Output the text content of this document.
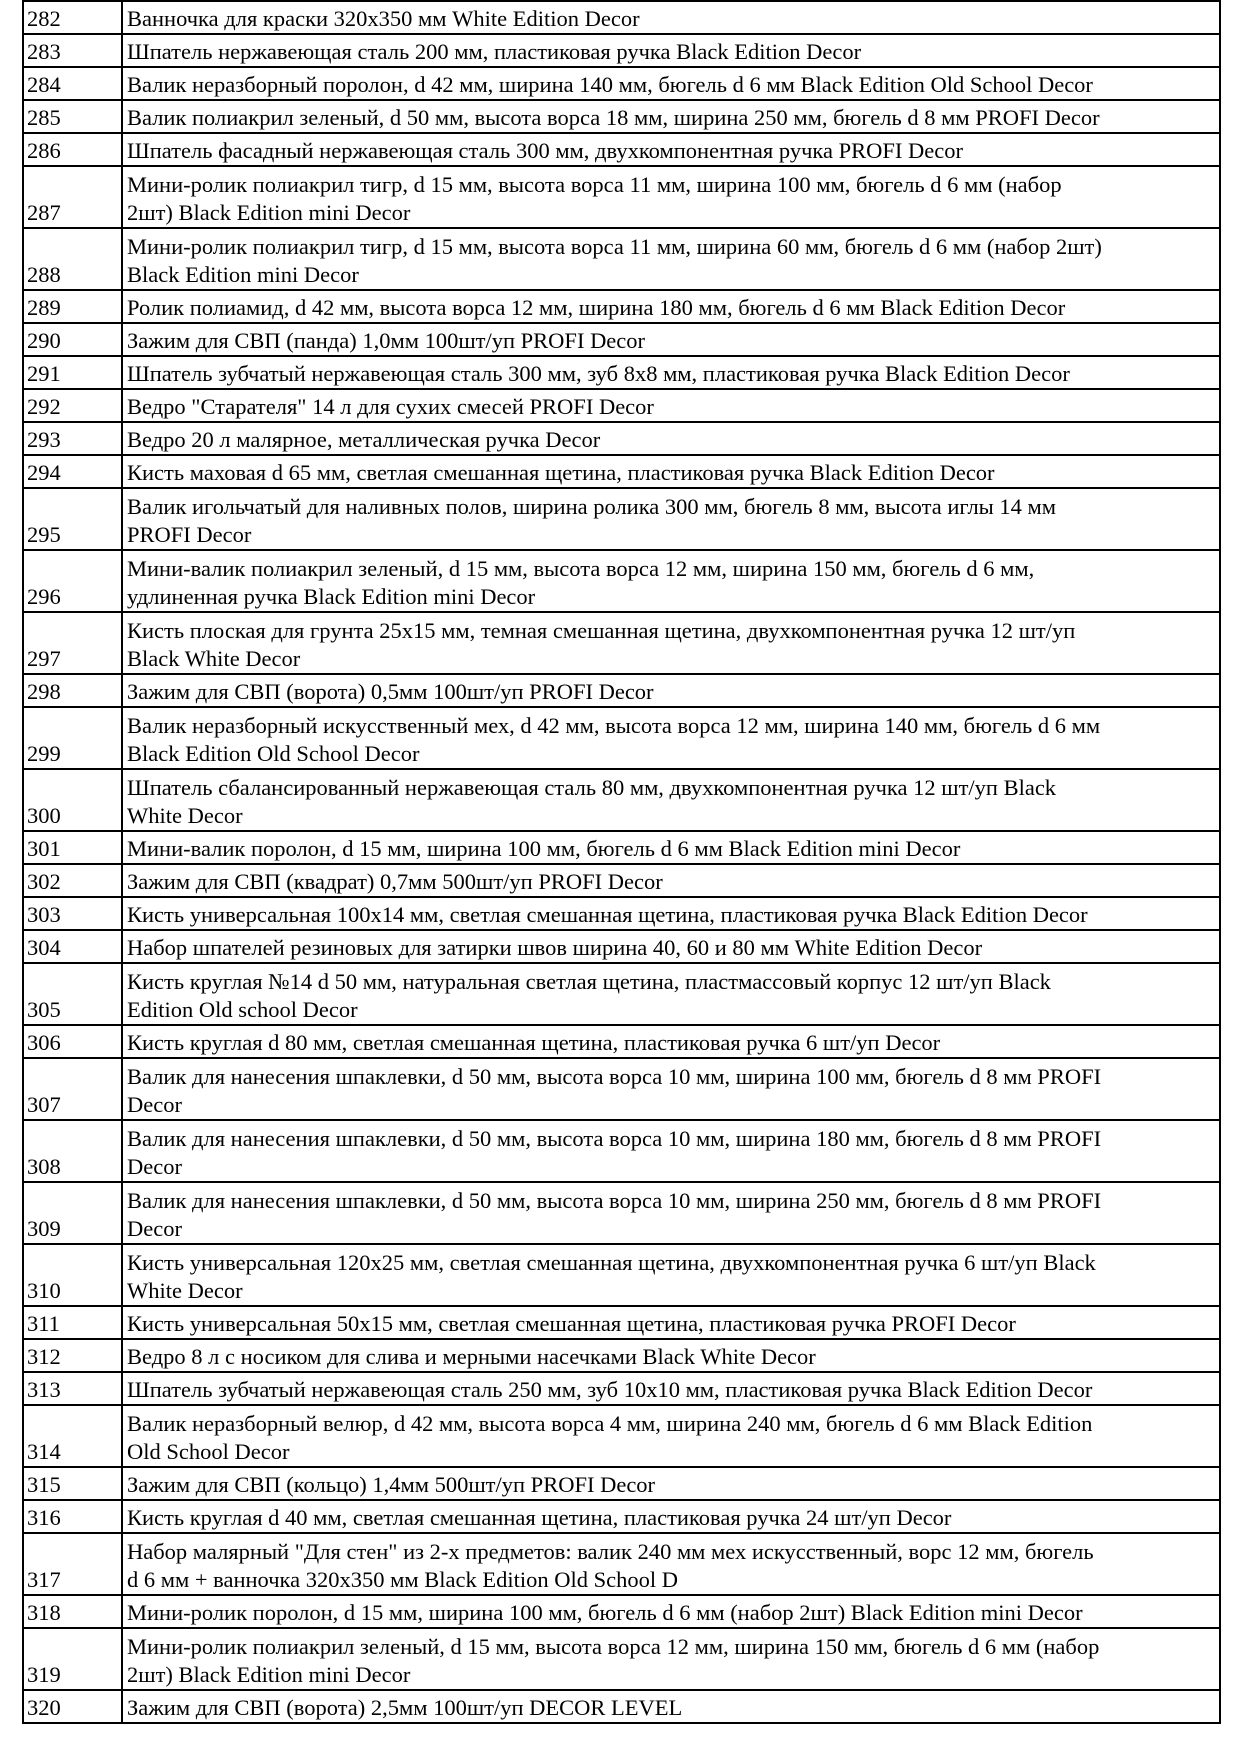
282	Ванночка для краски 320х350 мм White Edition Decor

283	Шпатель нержавеющая сталь 200 мм, пластиковая ручка Black Edition Decor

284	Валик неразборный поролон, d 42 мм, ширина 140 мм, бюгель d 6 мм Black Edition Old School Decor

285	Валик полиакрил зеленый, d 50 мм, высота ворса 18 мм, ширина 250 мм, бюгель d 8 мм PROFI Decor

286	Шпатель фасадный нержавеющая сталь 300 мм, двухкомпонентная ручка PROFI Decor

287	Мини-ролик полиакрил тигр, d 15 мм, высота ворса 11 мм, ширина 100 мм, бюгель d 6 мм (набор
2шт) Black Edition mini Decor

288	Мини-ролик полиакрил тигр, d 15 мм, высота ворса 11 мм, ширина 60 мм, бюгель d 6 мм (набор 2шт)
Black Edition mini Decor

289	Ролик полиамид, d 42 мм, высота ворса 12 мм, ширина 180 мм, бюгель d 6 мм Black Edition Decor

290	Зажим для СВП (панда) 1,0мм 100шт/уп PROFI Decor

291	Шпатель зубчатый нержавеющая сталь 300 мм, зуб 8х8 мм, пластиковая ручка Black Edition Decor

292	Ведро "Старателя" 14 л для сухих смесей PROFI Decor

293	Ведро 20 л малярное, металлическая ручка Decor

294	Кисть маховая d 65 мм, светлая смешанная щетина, пластиковая ручка Black Edition Decor

295	Валик игольчатый для наливных полов, ширина ролика 300 мм, бюгель 8 мм, высота иглы 14 мм
PROFI Decor

296	Мини-валик полиакрил зеленый, d 15 мм, высота ворса 12 мм, ширина 150 мм, бюгель d 6 мм,
удлиненная ручка Black Edition mini Decor

297	Кисть плоская для грунта 25х15 мм, темная смешанная щетина, двухкомпонентная ручка 12 шт/уп
Black White Decor

298	Зажим для СВП (ворота) 0,5мм 100шт/уп PROFI Decor

299	Валик неразборный искусственный мех, d 42 мм, высота ворса 12 мм, ширина 140 мм, бюгель d 6 мм
Black Edition Old School Decor

300	Шпатель сбалансированный нержавеющая сталь 80 мм, двухкомпонентная ручка 12 шт/уп Black
White Decor

301	Мини-валик поролон, d 15 мм, ширина 100 мм, бюгель d 6 мм Black Edition mini Decor

302	Зажим для СВП (квадрат) 0,7мм 500шт/уп PROFI Decor

303	Кисть универсальная 100х14 мм, светлая смешанная щетина, пластиковая ручка Black Edition Decor

304	Набор шпателей резиновых для затирки швов ширина 40, 60 и 80 мм White Edition Decor

305	Кисть круглая №14 d 50 мм, натуральная светлая щетина, пластмассовый корпус 12 шт/уп Black
Edition Old school Decor

306	Кисть круглая d 80 мм, светлая смешанная щетина, пластиковая ручка 6 шт/уп Decor

307	Валик для нанесения шпаклевки, d 50 мм, высота ворса 10 мм, ширина 100 мм, бюгель d 8 мм PROFI
Decor

308	Валик для нанесения шпаклевки, d 50 мм, высота ворса 10 мм, ширина 180 мм, бюгель d 8 мм PROFI
Decor

309	Валик для нанесения шпаклевки, d 50 мм, высота ворса 10 мм, ширина 250 мм, бюгель d 8 мм PROFI
Decor

310	Кисть универсальная 120х25 мм, светлая смешанная щетина, двухкомпонентная ручка 6 шт/уп Black
White Decor

311	Кисть универсальная 50х15 мм, светлая смешанная щетина, пластиковая ручка PROFI Decor

312	Ведро 8 л с носиком для слива и мерными насечками Black White Decor

313	Шпатель зубчатый нержавеющая сталь 250 мм, зуб 10х10 мм, пластиковая ручка Black Edition Decor

314	Валик неразборный велюр, d 42 мм, высота ворса 4 мм, ширина 240 мм, бюгель d 6 мм Black Edition
Old School Decor

315	Зажим для СВП (кольцо) 1,4мм 500шт/уп PROFI Decor

316	Кисть круглая d 40 мм, светлая смешанная щетина, пластиковая ручка 24 шт/уп Decor

317	Набор малярный "Для стен" из 2-х предметов: валик 240 мм мех искусственный, ворс 12 мм, бюгель
d 6 мм + ванночка 320х350 мм Black Edition Old School D

318	Мини-ролик поролон, d 15 мм, ширина 100 мм, бюгель d 6 мм (набор 2шт) Black Edition mini Decor

319	Мини-ролик полиакрил зеленый, d 15 мм, высота ворса 12 мм, ширина 150 мм, бюгель d 6 мм (набор
2шт) Black Edition mini Decor

320	Зажим для СВП (ворота) 2,5мм 100шт/уп DECOR LEVEL
